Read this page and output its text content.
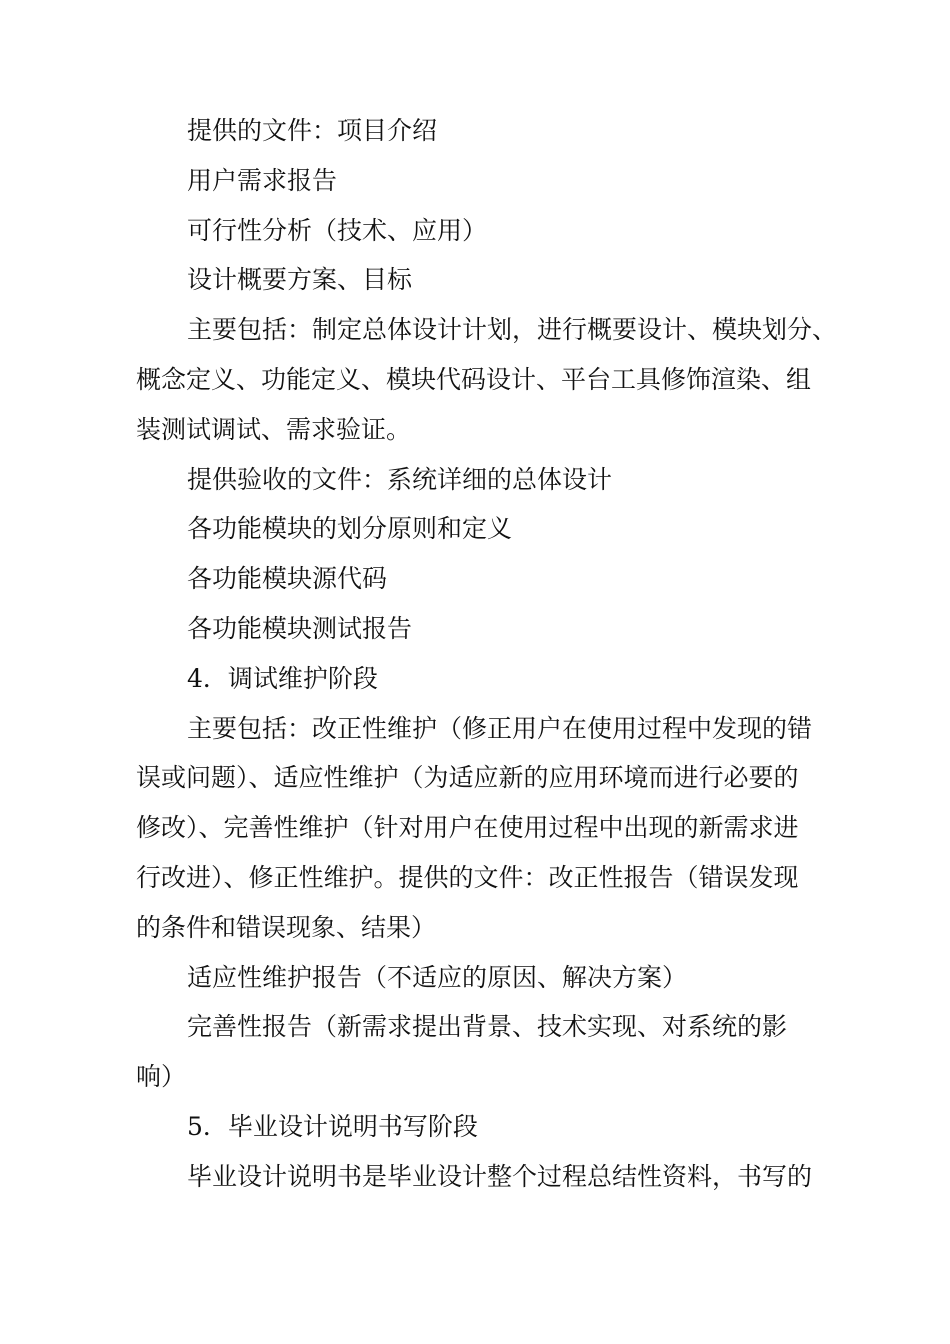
提供的文件：项目介绍
用户需求报告
可行性分析（技术、应用）
设计概要方案、目标
主要包括：制定总体设计计划，进行概要设计、模块划分、
概念定义、功能定义、模块代码设计、平台工具修饰渲染、组
装测试调试、需求验证。
提供验收的文件：系统详细的总体设计
各功能模块的划分原则和定义
各功能模块源代码
各功能模块测试报告
4．调试维护阶段
主要包括：改正性维护（修正用户在使用过程中发现的错
误或问题）、适应性维护（为适应新的应用环境而进行必要的
修改）、完善性维护（针对用户在使用过程中出现的新需求进
行改进）、修正性维护。提供的文件：改正性报告（错误发现
的条件和错误现象、结果）
适应性维护报告（不适应的原因、解决方案）
完善性报告（新需求提出背景、技术实现、对系统的影
响）
5．毕业设计说明书写阶段
毕业设计说明书是毕业设计整个过程总结性资料，书写的
